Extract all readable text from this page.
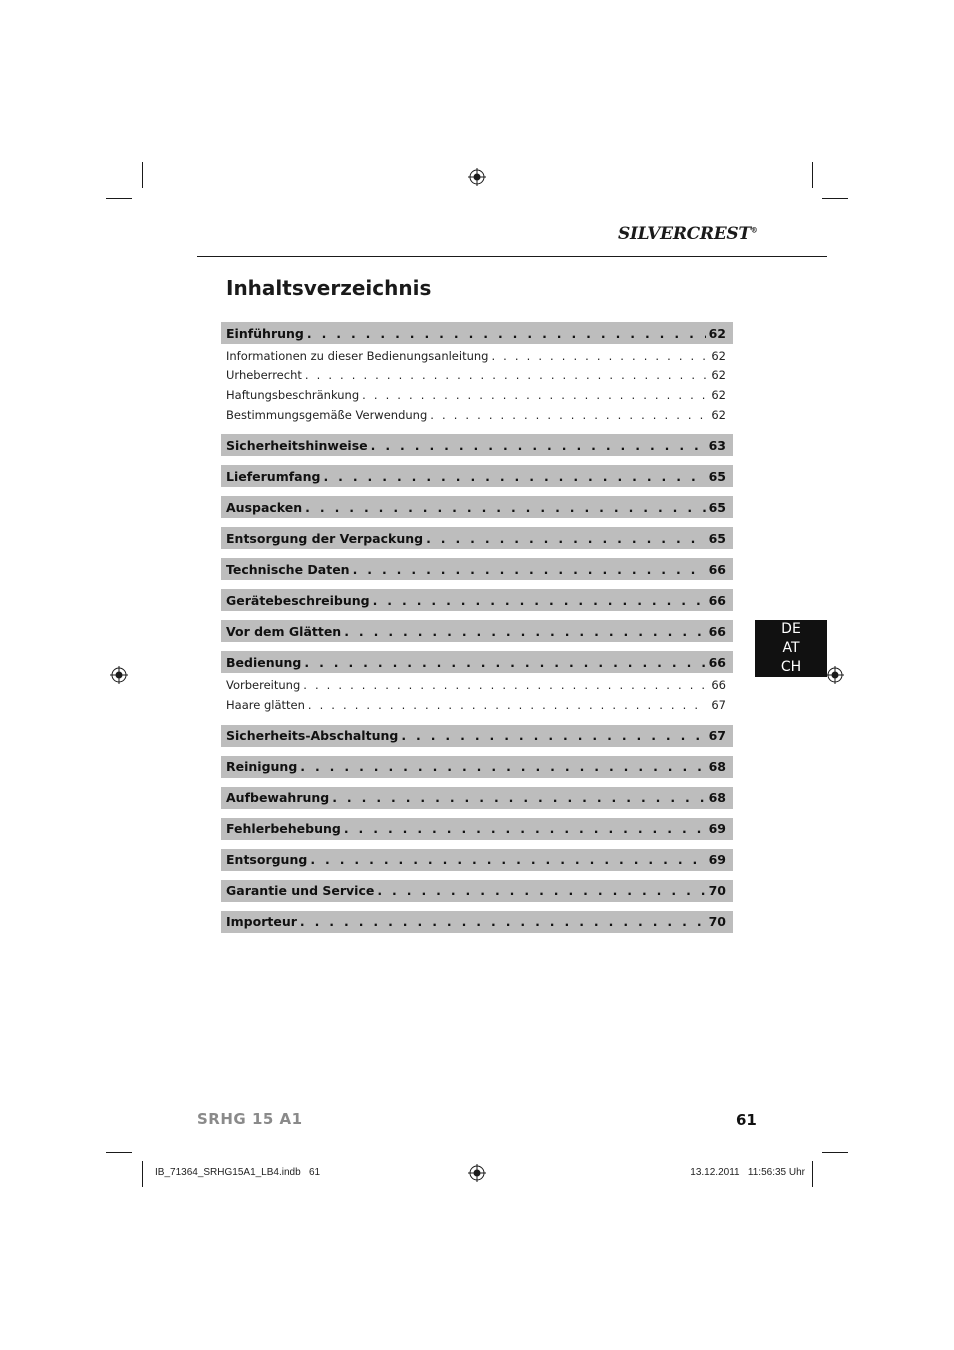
SILVERCREST®
Inhaltsverzeichnis
Einführung . . .	62
Informationen zu dieser Bedienungsanleitung . . .	62
Urheberrecht . . .	62
Haftungsbeschränkung . . .	62
Bestimmungsgemäße Verwendung . . .	62
Sicherheitshinweise . . .	63
Lieferumfang . . .	65
Auspacken . . .	65
Entsorgung der Verpackung . . .	65
Technische Daten . . .	66
Gerätebeschreibung . . .	66
Vor dem Glätten . . .	66
Bedienung . . .	66
Vorbereitung . . .	66
Haare glätten . . .	67
Sicherheits-Abschaltung . . .	67
Reinigung . . .	68
Aufbewahrung . . .	68
Fehlerbehebung . . .	69
Entsorgung . . .	69
Garantie und Service . . .	70
Importeur . . .	70
DE
AT
CH
SRHG 15 A1	61
IB_71364_SRHG15A1_LB4.indb   61	13.12.2011   11:56:35 Uhr
